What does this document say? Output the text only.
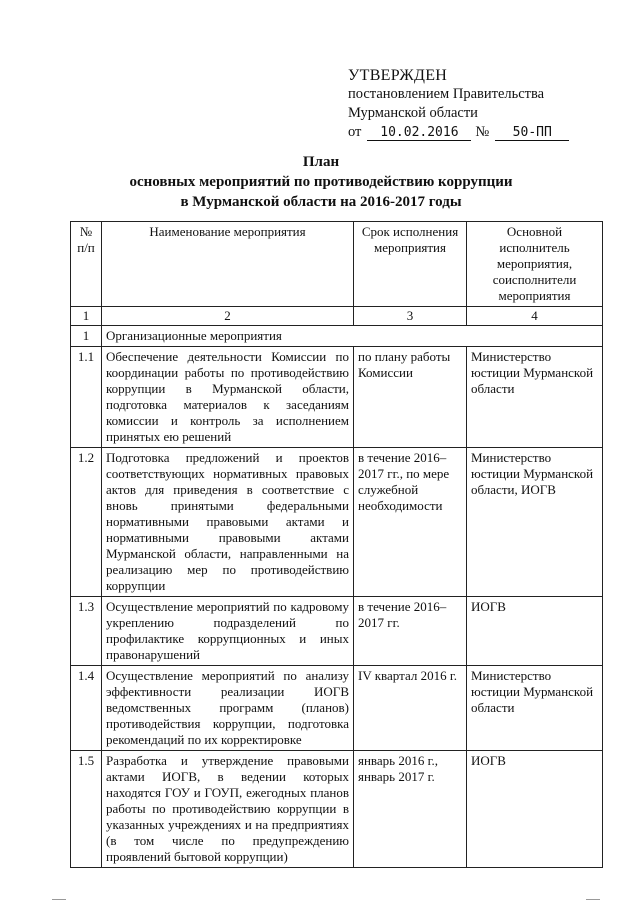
УТВЕРЖДЕН
постановлением Правительства
Мурманской области
от 10.02.2016 № 50-ПП
План
основных мероприятий по противодействию коррупции
в Мурманской области на 2016-2017 годы
№ п/п	Наименование мероприятия	Срок исполнения мероприятия	Основной исполнитель мероприятия, соисполнители мероприятия
1	2	3	4
1	Организационные мероприятия		
1.1	Обеспечение деятельности Комиссии по координации работы по противодействию коррупции в Мурманской области, подготовка материалов к заседаниям комиссии и контроль за исполнением принятых ею решений	по плану работы Комиссии	Министерство юстиции Мурманской области
1.2	Подготовка предложений и проектов соответствующих нормативных правовых актов для приведения в соответствие с вновь принятыми федеральными нормативными правовыми актами и нормативными правовыми актами Мурманской области, направленными на реализацию мер по противодействию коррупции	в течение 2016–2017 гг., по мере служебной необходимости	Министерство юстиции Мурманской области, ИОГВ
1.3	Осуществление мероприятий по кадровому укреплению подразделений по профилактике коррупционных и иных правонарушений	в течение 2016–2017 гг.	ИОГВ
1.4	Осуществление мероприятий по анализу эффективности реализации ИОГВ ведомственных программ (планов) противодействия коррупции, подготовка рекомендаций по их корректировке	IV квартал 2016 г.	Министерство юстиции Мурманской области
1.5	Разработка и утверждение правовыми актами ИОГВ, в ведении которых находятся ГОУ и ГОУП, ежегодных планов работы по противодействию коррупции в указанных учреждениях и на предприятиях (в том числе по предупреждению проявлений бытовой коррупции)	январь 2016 г., январь 2017 г.	ИОГВ
